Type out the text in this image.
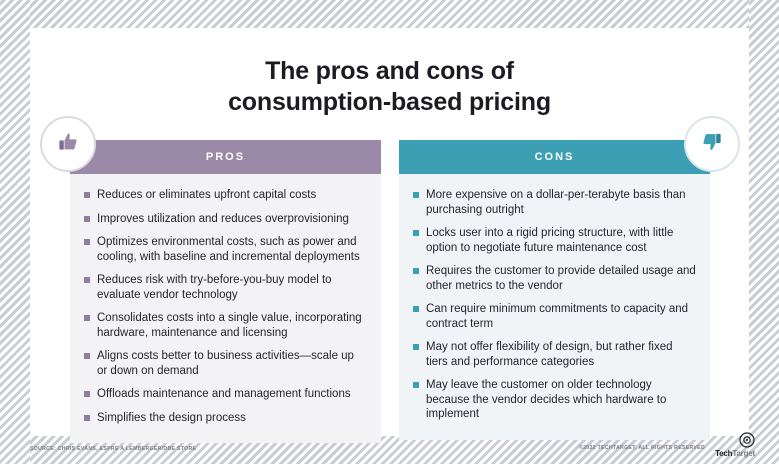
The pros and cons of
consumption-based pricing
PROS
Reduces or eliminates upfront capital costs
Improves utilization and reduces overprovisioning
Optimizes environmental costs, such as power and cooling, with baseline and incremental deployments
Reduces risk with try-before-you-buy model to evaluate vendor technology
Consolidates costs into a single value, incorporating hardware, maintenance and licensing
Aligns costs better to business activities—scale up or down on demand
Offloads maintenance and management functions
Simplifies the design process
CONS
More expensive on a dollar-per-terabyte basis than purchasing outright
Locks user into a rigid pricing structure, with little option to negotiate future maintenance cost
Requires the customer to provide detailed usage and other metrics to the vendor
Can require minimum commitments to capacity and contract term
May not offer flexibility of design, but rather fixed tiers and performance categories
May leave the customer on older technology because the vendor decides which hardware to implement
SOURCE: CHRIS EVANS, ESPRE A LEMBERGER/DBE STORE	©2022 TECHTARGET, ALL RIGHTS RESERVED
TechTarget
